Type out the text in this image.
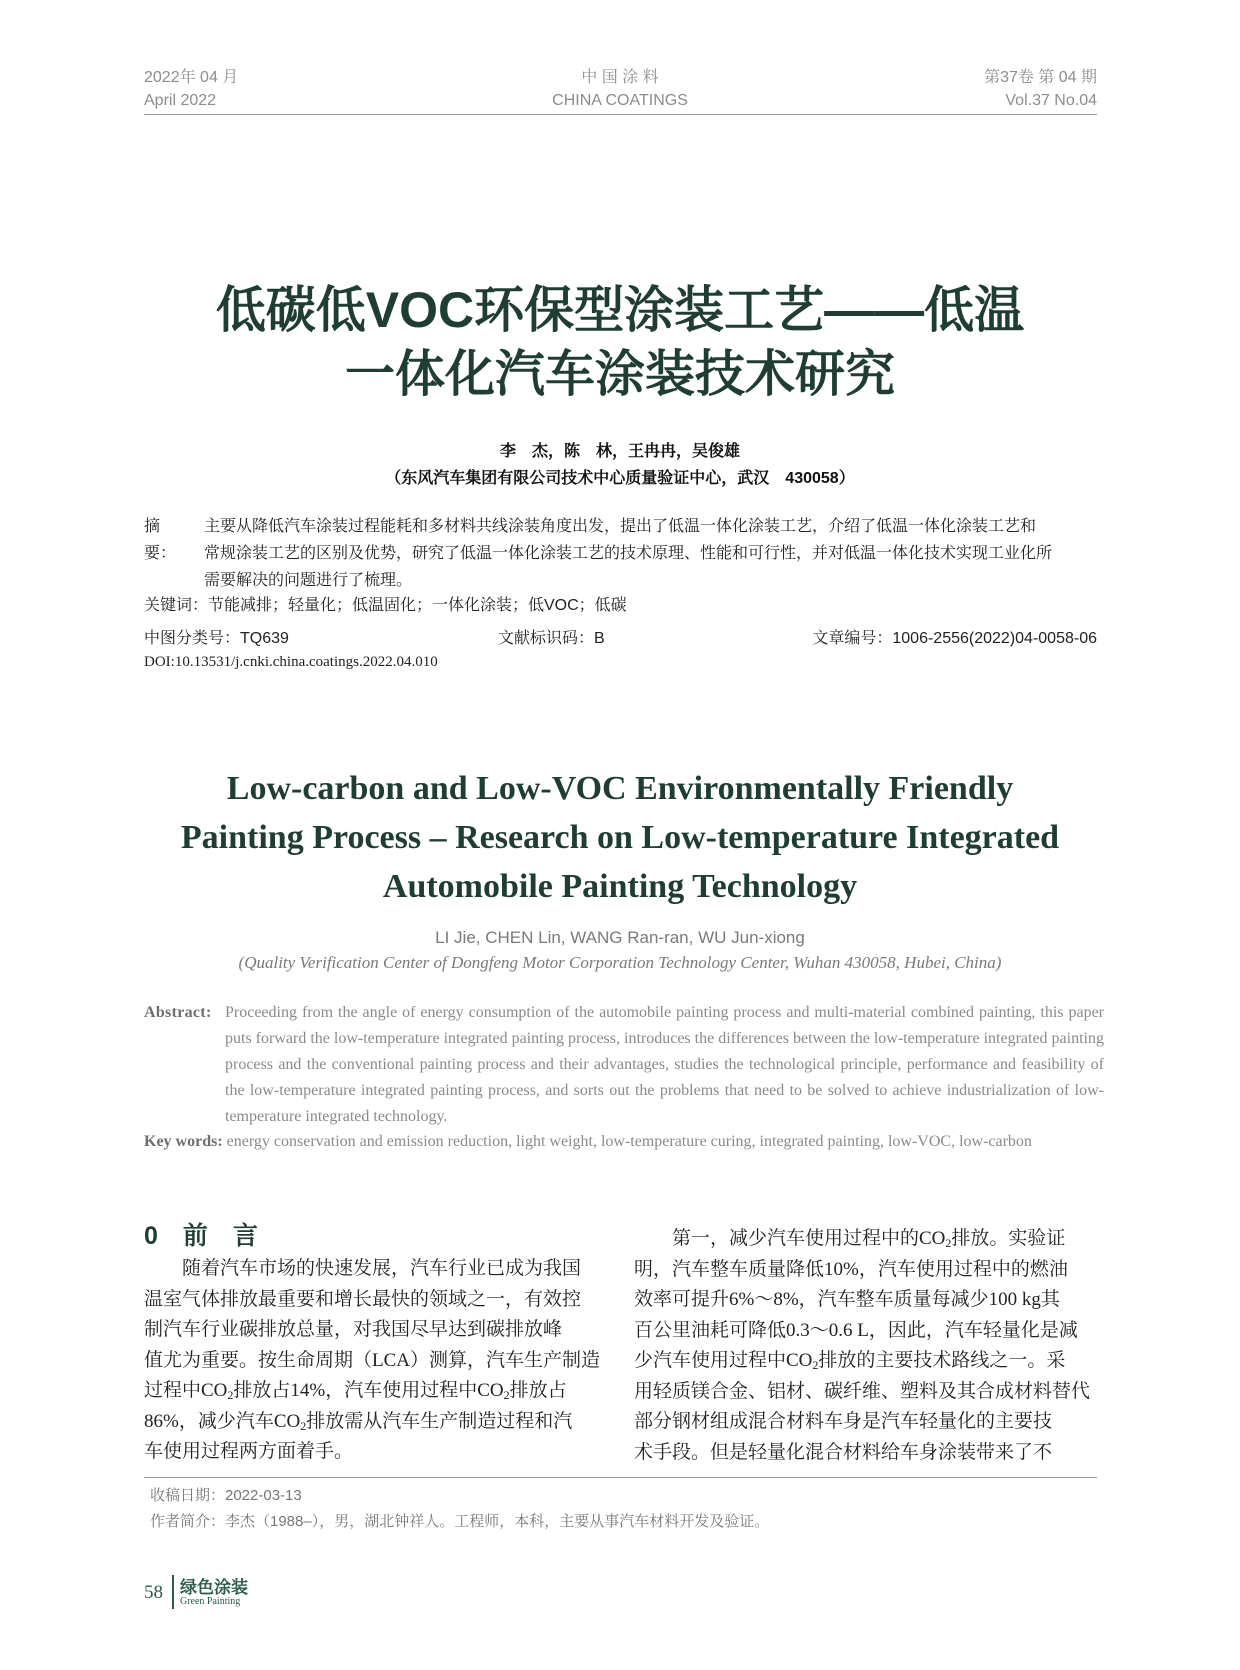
2022年 04 月
April 2022
中 国 涂 料
CHINA COATINGS
第37卷 第 04 期
Vol.37 No.04
低碳低VOC环保型涂装工艺——低温
一体化汽车涂装技术研究
李　杰，陈　林，王冉冉，吴俊雄
（东风汽车集团有限公司技术中心质量验证中心，武汉　430058）
摘　要：
主要从降低汽车涂装过程能耗和多材料共线涂装角度出发，提出了低温一体化涂装工艺，介绍了低温一体化涂装工艺和
常规涂装工艺的区别及优势，研究了低温一体化涂装工艺的技术原理、性能和可行性，并对低温一体化技术实现工业化所
需要解决的问题进行了梳理。
关键词：节能减排；轻量化；低温固化；一体化涂装；低VOC；低碳
中图分类号：TQ639	文献标识码：B	文章编号：1006-2556(2022)04-0058-06
DOI:10.13531/j.cnki.china.coatings.2022.04.010
Low-carbon and Low-VOC Environmentally Friendly
Painting Process – Research on Low-temperature Integrated
Automobile Painting Technology
LI Jie, CHEN Lin, WANG Ran-ran, WU Jun-xiong
(Quality Verification Center of Dongfeng Motor Corporation Technology Center, Wuhan 430058, Hubei, China)
Abstract: Proceeding from the angle of energy consumption of the automobile painting process and multi-material combined painting, this paper puts forward the low-temperature integrated painting process, introduces the differences between the low-temperature integrated painting process and the conventional painting process and their advantages, studies the technological principle, performance and feasibility of the low-temperature integrated painting process, and sorts out the problems that need to be solved to achieve industrialization of low-temperature integrated technology.
Key words: energy conservation and emission reduction, light weight, low-temperature curing, integrated painting, low-VOC, low-carbon
0　前　言
随着汽车市场的快速发展，汽车行业已成为我国
温室气体排放最重要和增长最快的领域之一，有效控
制汽车行业碳排放总量，对我国尽早达到碳排放峰
值尤为重要。按生命周期（LCA）测算，汽车生产制造
过程中$CO_2$排放占14%，汽车使用过程中$CO_2$排放占
86%，减少汽车$CO_2$排放需从汽车生产制造过程和汽
车使用过程两方面着手。
第一，减少汽车使用过程中的$CO_2$排放。实验证
明，汽车整车质量降低10%，汽车使用过程中的燃油
效率可提升6%～8%，汽车整车质量每减少100 kg其
百公里油耗可降低0.3～0.6 L，因此，汽车轻量化是减
少汽车使用过程中$CO_2$排放的主要技术路线之一。采
用轻质镁合金、铝材、碳纤维、塑料及其合成材料替代
部分钢材组成混合材料车身是汽车轻量化的主要技
术手段。但是轻量化混合材料给车身涂装带来了不
收稿日期：2022-03-13
作者简介：李杰（1988–），男，湖北钟祥人。工程师，本科，主要从事汽车材料开发及验证。
58 绿色涂装
Green Painting
